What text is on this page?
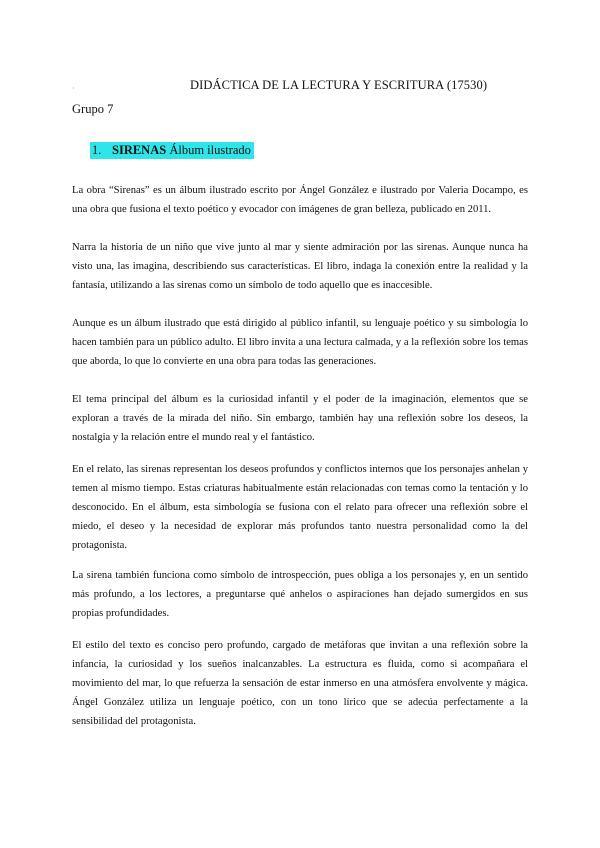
·	DIDÁCTICA DE LA LECTURA Y ESCRITURA (17530)
Grupo 7
1. SIRENAS Álbum ilustrado

La obra “Sirenas” es un álbum ilustrado escrito por Ángel González e ilustrado por Valeria Docampo, es una obra que fusiona el texto poético y evocador con imágenes de gran belleza, publicado en 2011.

Narra la historia de un niño que vive junto al mar y siente admiración por las sirenas. Aunque nunca ha visto una, las imagina, describiendo sus características. El libro, indaga la conexión entre la realidad y la fantasía, utilizando a las sirenas como un símbolo de todo aquello que es inaccesible.

Aunque es un álbum ilustrado que está dirigido al público infantil, su lenguaje poético y su simbología lo hacen también para un público adulto. El libro invita a una lectura calmada, y a la reflexión sobre los temas que aborda, lo que lo convierte en una obra para todas las generaciones.

El tema principal del álbum es la curiosidad infantil y el poder de la imaginación, elementos que se exploran a través de la mirada del niño. Sin embargo, también hay una reflexión sobre los deseos, la nostalgia y la relación entre el mundo real y el fantástico.

En el relato, las sirenas representan los deseos profundos y conflictos internos que los personajes anhelan y temen al mismo tiempo. Estas criaturas habitualmente están relacionadas con temas como la tentación y lo desconocido. En el álbum, esta simbología se fusiona con el relato para ofrecer una reflexión sobre el miedo, el deseo y la necesidad de explorar más profundos tanto nuestra personalidad como la del protagonista.

La sirena también funciona como símbolo de introspección, pues obliga a los personajes y, en un sentido más profundo, a los lectores, a preguntarse qué anhelos o aspiraciones han dejado sumergidos en sus propias profundidades.

El estilo del texto es conciso pero profundo, cargado de metáforas que invitan a una reflexión sobre la infancia, la curiosidad y los sueños inalcanzables. La estructura es fluida, como si acompañara el movimiento del mar, lo que refuerza la sensación de estar inmerso en una atmósfera envolvente y mágica. Ángel González utiliza un lenguaje poético, con un tono lírico que se adecúa perfectamente a la sensibilidad del protagonista.
